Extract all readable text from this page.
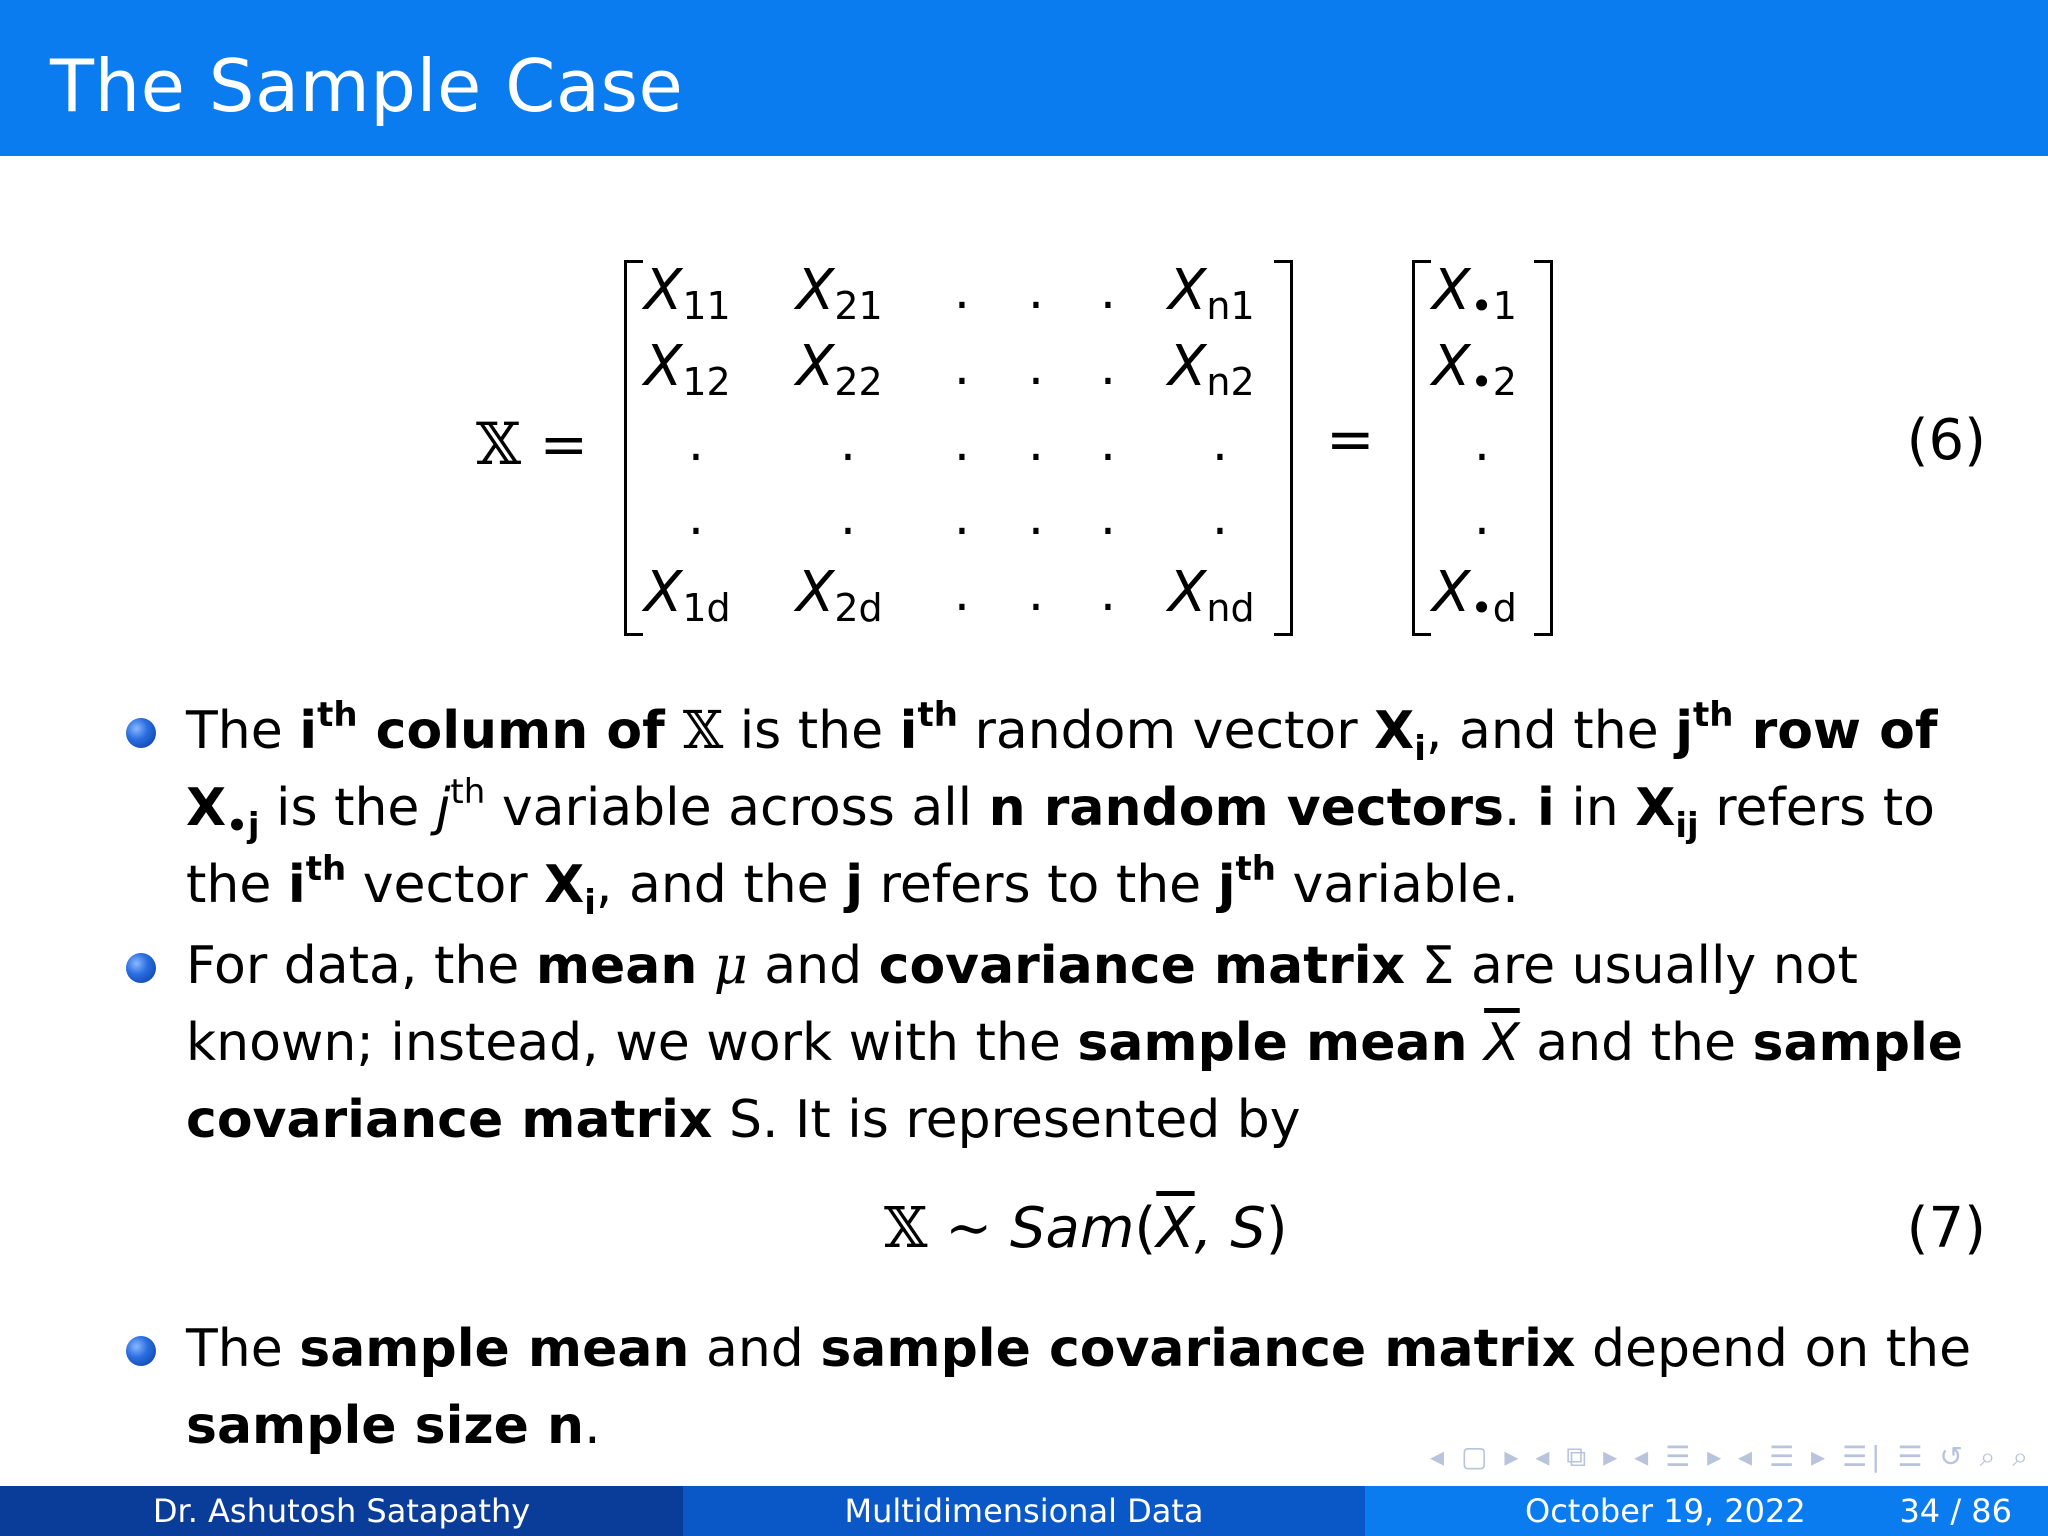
The Sample Case
𝕏 =
$X_{11}$ $X_{21}$ . . . $X_{n1}$
$X_{12}$ $X_{22}$ . . . $X_{n2}$
.	. . . . .
.	. . . . .
$X_{1d}$ $X_{2d}$ . . . $X_{nd}$
=
$X_{•1}$
$X_{•2}$
.
.
$X_{•d}$
(6)
The $i^{th}$ column of 𝕏 is the $i^{th}$ random vector $X_i$, and the $j^{th}$ row of
$X_{•j}$ is the $j^{th}$ variable across all n random vectors. i in $X_{ij}$ refers to
the $i^{th}$ vector $X_i$, and the j refers to the $j^{th}$ variable.
For data, the mean μ and covariance matrix Σ are usually not
known; instead, we work with the sample mean $\overline{X}$ and the sample
covariance matrix S. It is represented by
𝕏 ∼ $Sam(\overline{X}$, S)	(7)
The sample mean and sample covariance matrix depend on the
sample size n.
◂ ▢ ▸ ◂ ⧉ ▸ ◂ ☰ ▸ ◂ ☰ ▸ ☰| ☰ ↺ ⌕ ⌕
Dr. Ashutosh Satapathy	Multidimensional Data	October 19, 2022	34 / 86
